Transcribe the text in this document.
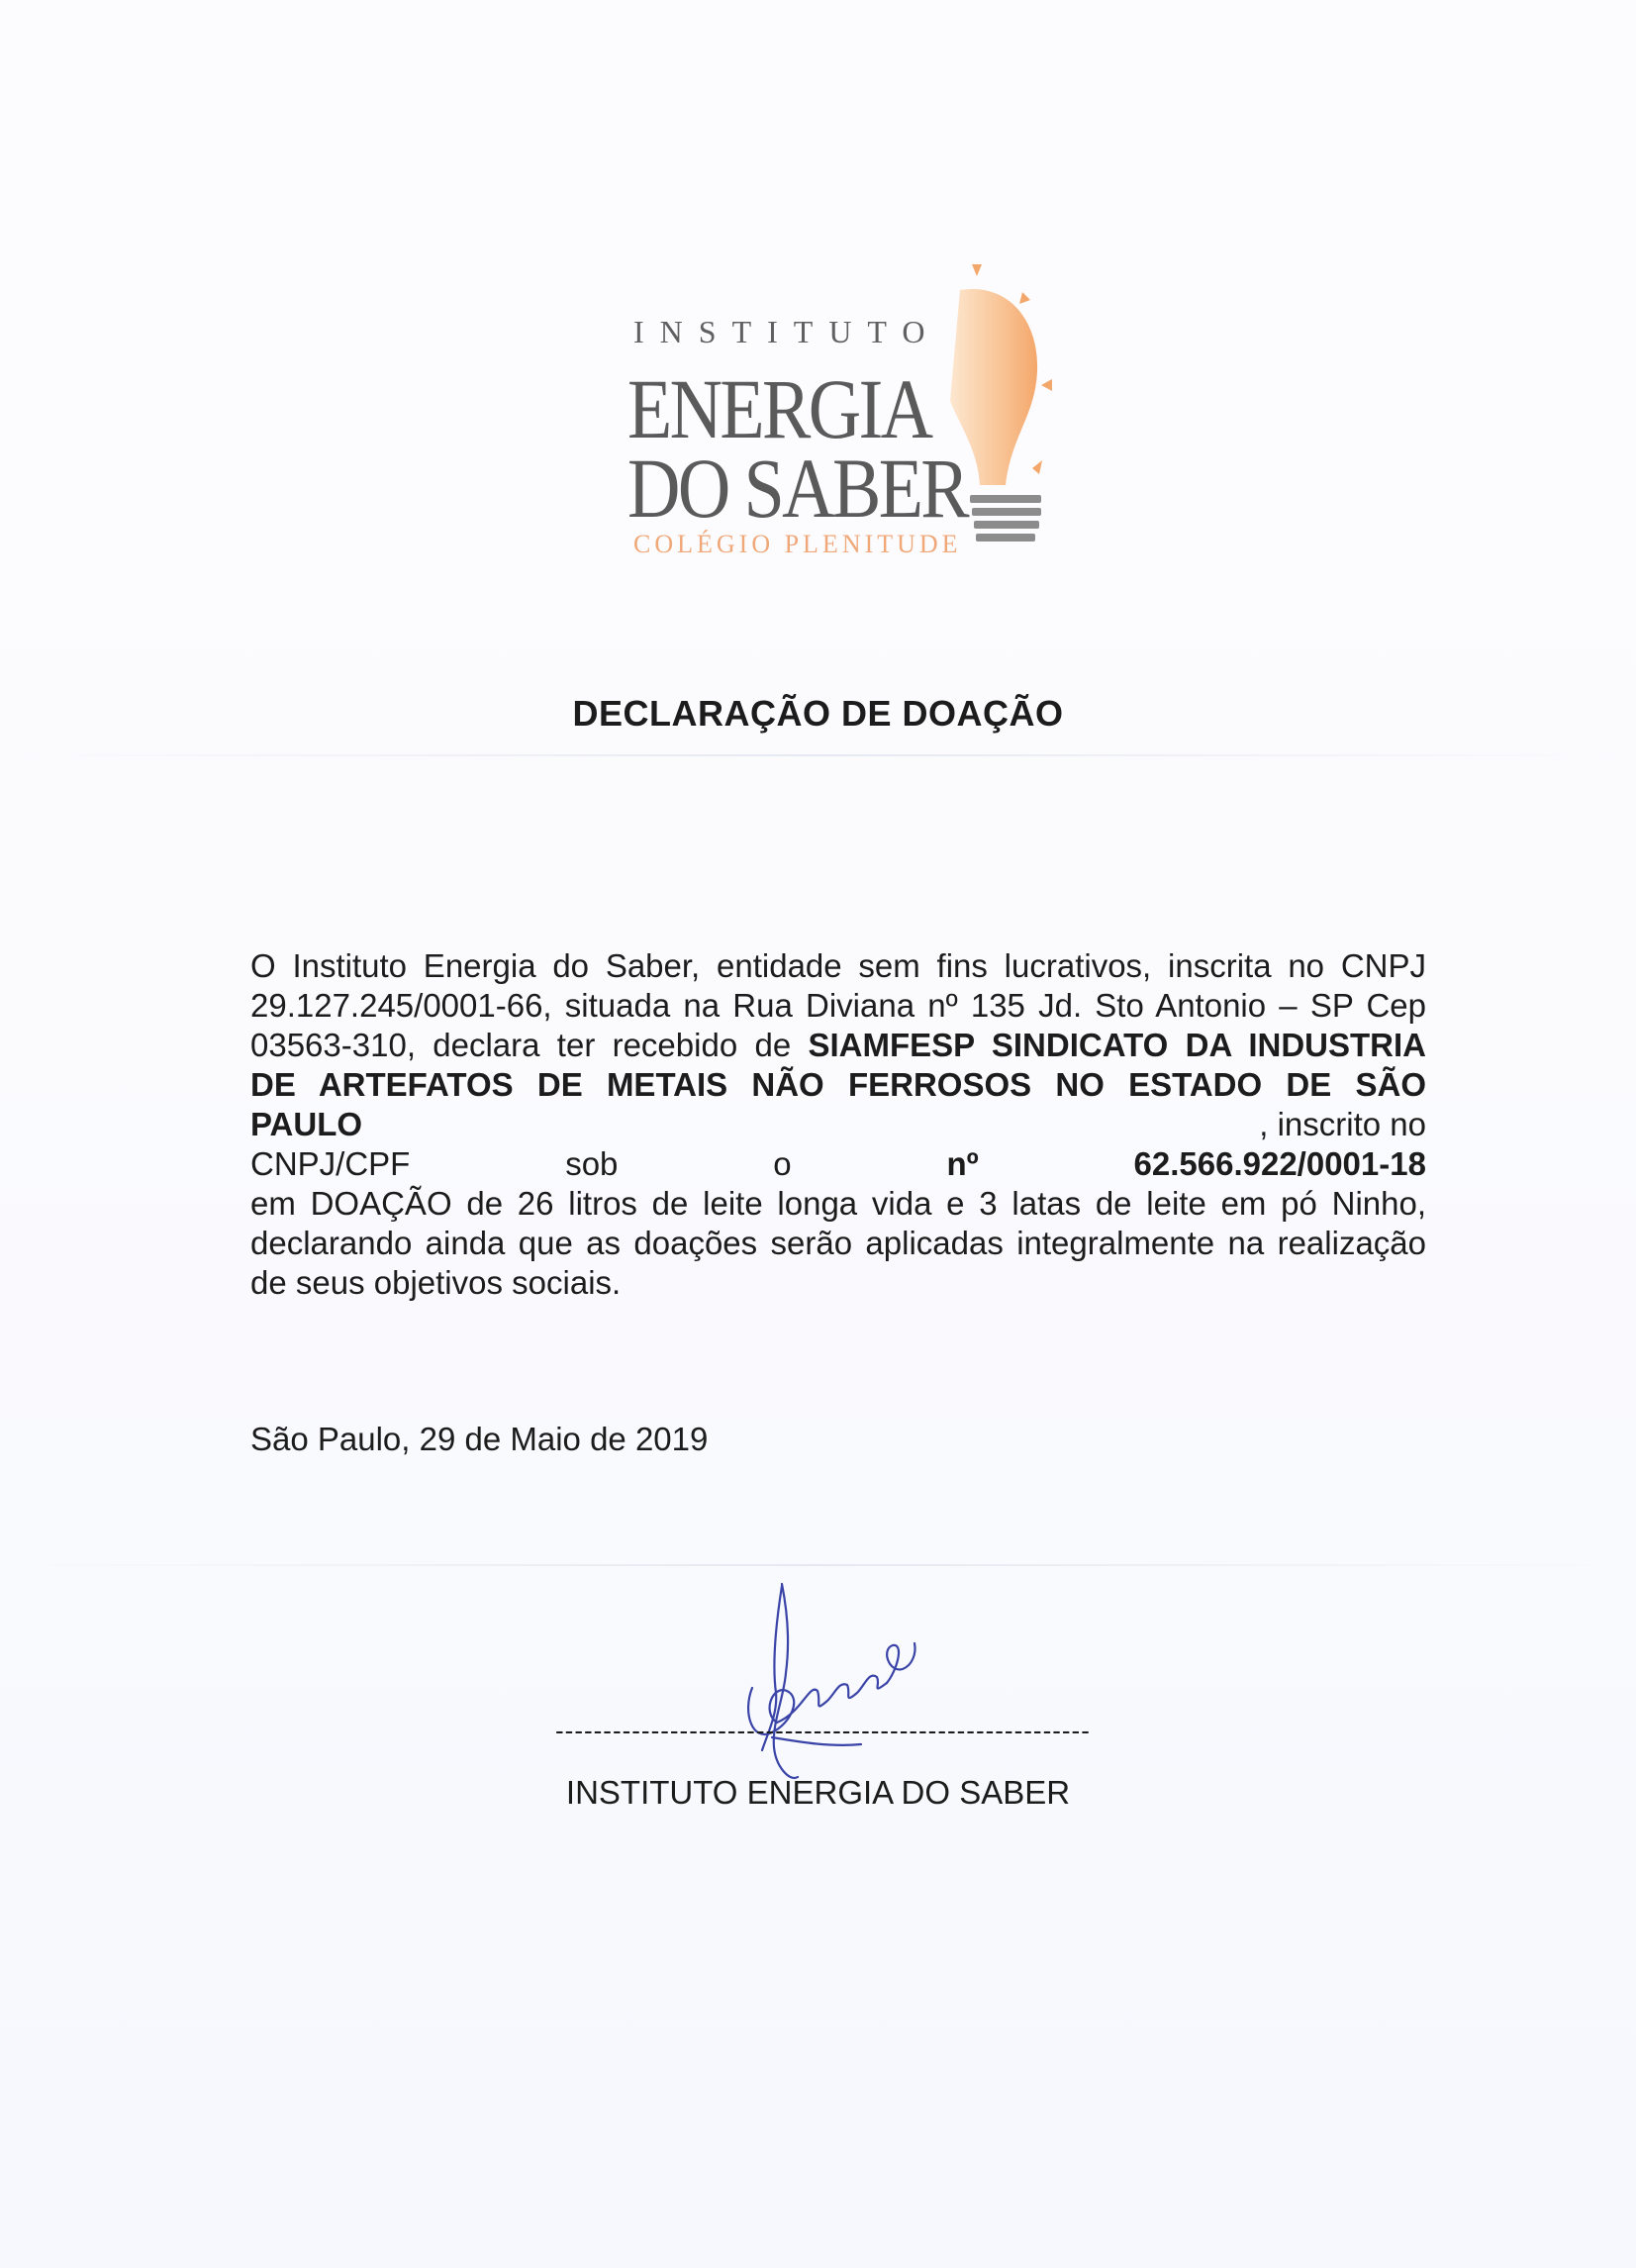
INSTITUTO
ENERGIA
DO SABER
COLÉGIO PLENITUDE
DECLARAÇÃO DE DOAÇÃO
O Instituto Energia do Saber, entidade sem fins lucrativos, inscrita no CNPJ
29.127.245/0001-66, situada na Rua Diviana nº 135 Jd. Sto Antonio – SP Cep
03563-310, declara ter recebido de SIAMFESP SINDICATO DA INDUSTRIA
DE ARTEFATOS DE METAIS NÃO FERROSOS NO ESTADO DE SÃO
PAULO	, inscrito no
CNPJ/CPF	sob	o	nº	62.566.922/0001-18
em DOAÇÃO de 26 litros de leite longa vida e 3 latas de leite em pó Ninho,
declarando ainda que as doações serão aplicadas integralmente na realização
de seus objetivos sociais.
São Paulo, 29 de Maio de 2019
--------------------------------------------------------
INSTITUTO ENERGIA DO SABER
